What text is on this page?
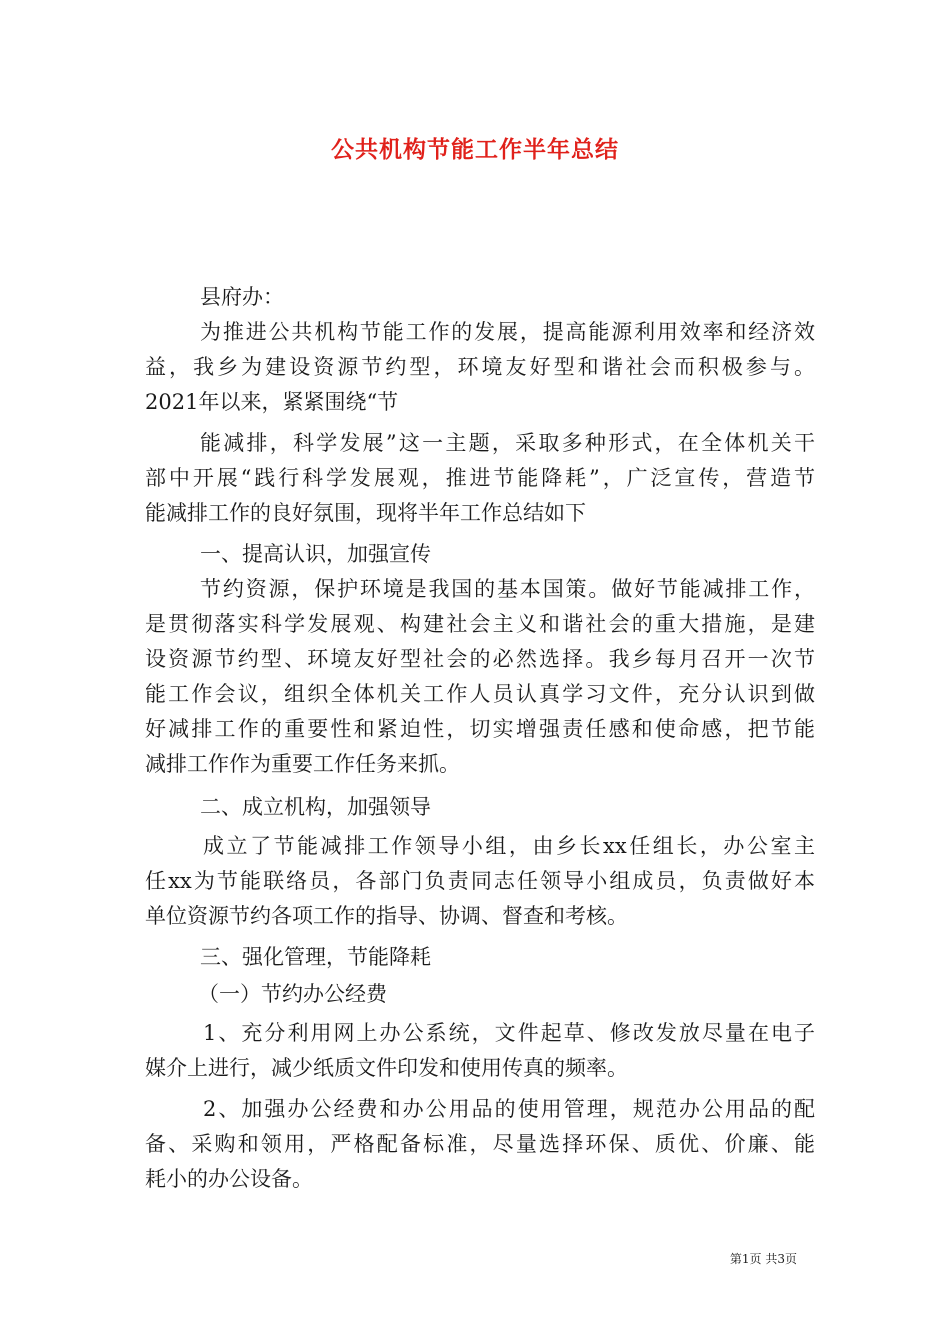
公共机构节能工作半年总结
县府办：
为推进公共机构节能工作的发展，提高能源利用效率和经济效
益，我乡为建设资源节约型，环境友好型和谐社会而积极参与。
2021年以来，紧紧围绕“节
能减排，科学发展”这一主题，采取多种形式，在全体机关干
部中开展“践行科学发展观，推进节能降耗”，广泛宣传，营造节
能减排工作的良好氛围，现将半年工作总结如下
一、提高认识，加强宣传
节约资源，保护环境是我国的基本国策。做好节能减排工作，
是贯彻落实科学发展观、构建社会主义和谐社会的重大措施，是建
设资源节约型、环境友好型社会的必然选择。我乡每月召开一次节
能工作会议，组织全体机关工作人员认真学习文件，充分认识到做
好减排工作的重要性和紧迫性，切实增强责任感和使命感，把节能
减排工作作为重要工作任务来抓。
二、成立机构，加强领导
成立了节能减排工作领导小组，由乡长xx任组长，办公室主
任xx为节能联络员，各部门负责同志任领导小组成员，负责做好本
单位资源节约各项工作的指导、协调、督查和考核。
三、强化管理，节能降耗
（一）节约办公经费
1、充分利用网上办公系统，文件起草、修改发放尽量在电子
媒介上进行，减少纸质文件印发和使用传真的频率。
2、加强办公经费和办公用品的使用管理，规范办公用品的配
备、采购和领用，严格配备标准，尽量选择环保、质优、价廉、能
耗小的办公设备。
第1页 共3页
